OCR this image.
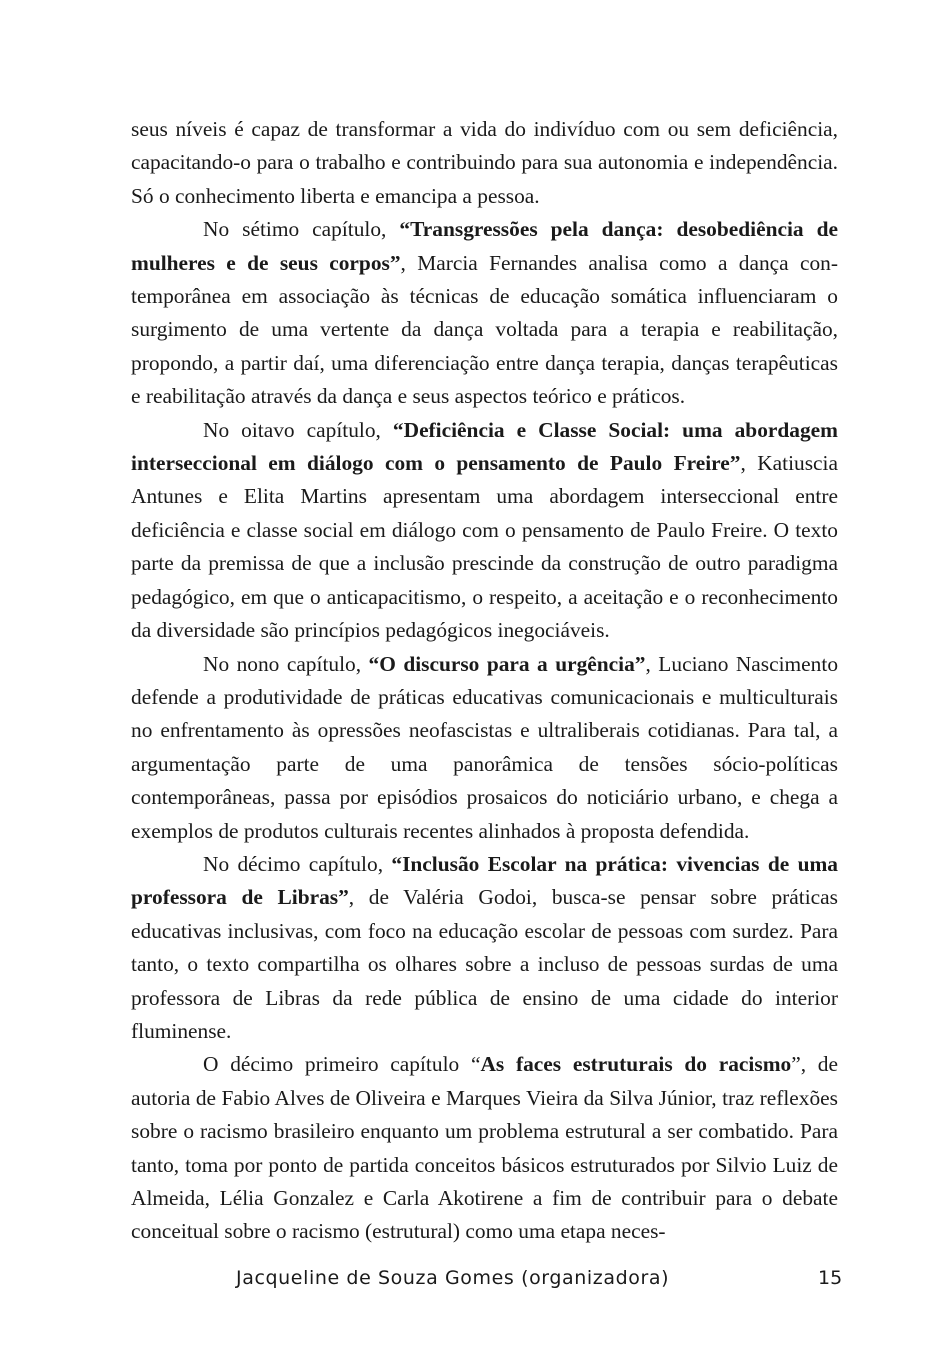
seus níveis é capaz de transformar a vida do indivíduo com ou sem deficiência, capacitando-o para o trabalho e contribuindo para sua autonomia e independência. Só o conhecimento liberta e emancipa a pessoa.

No sétimo capítulo, “Transgressões pela dança: desobediência de mulheres e de seus corpos”, Marcia Fernandes analisa como a dança contemporânea em associação às técnicas de educação somática influenciaram o surgimento de uma vertente da dança voltada para a terapia e reabilitação, propondo, a partir daí, uma diferenciação entre dança terapia, danças terapêuticas e reabilitação através da dança e seus aspectos teórico e práticos.

No oitavo capítulo, “Deficiência e Classe Social: uma abordagem interseccional em diálogo com o pensamento de Paulo Freire”, Katiuscia Antunes e Elita Martins apresentam uma abordagem interseccional entre deficiência e classe social em diálogo com o pensamento de Paulo Freire. O texto parte da premissa de que a inclusão prescinde da construção de outro paradigma pedagógico, em que o anticapacitismo, o respeito, a aceitação e o reconhecimento da diversidade são princípios pedagógicos inegociáveis.

No nono capítulo, “O discurso para a urgência”, Luciano Nascimento defende a produtividade de práticas educativas comunicacionais e multiculturais no enfrentamento às opressões neofascistas e ultraliberais cotidianas. Para tal, a argumentação parte de uma panorâmica de tensões sócio-políticas contemporâneas, passa por episódios prosaicos do noticiário urbano, e chega a exemplos de produtos culturais recentes alinhados à proposta defendida.

No décimo capítulo, “Inclusão Escolar na prática: vivencias de uma professora de Libras”, de Valéria Godoi, busca-se pensar sobre práticas educativas inclusivas, com foco na educação escolar de pessoas com surdez. Para tanto, o texto compartilha os olhares sobre a incluso de pessoas surdas de uma professora de Libras da rede pública de ensino de uma cidade do interior fluminense.

O décimo primeiro capítulo “As faces estruturais do racismo”, de autoria de Fabio Alves de Oliveira e Marques Vieira da Silva Júnior, traz reflexões sobre o racismo brasileiro enquanto um problema estrutural a ser combatido. Para tanto, toma por ponto de partida conceitos básicos estruturados por Silvio Luiz de Almeida, Lélia Gonzalez e Carla Akotirene a fim de contribuir para o debate conceitual sobre o racismo (estrutural) como uma etapa neces-

Jacqueline de Souza Gomes (organizadora)	15
